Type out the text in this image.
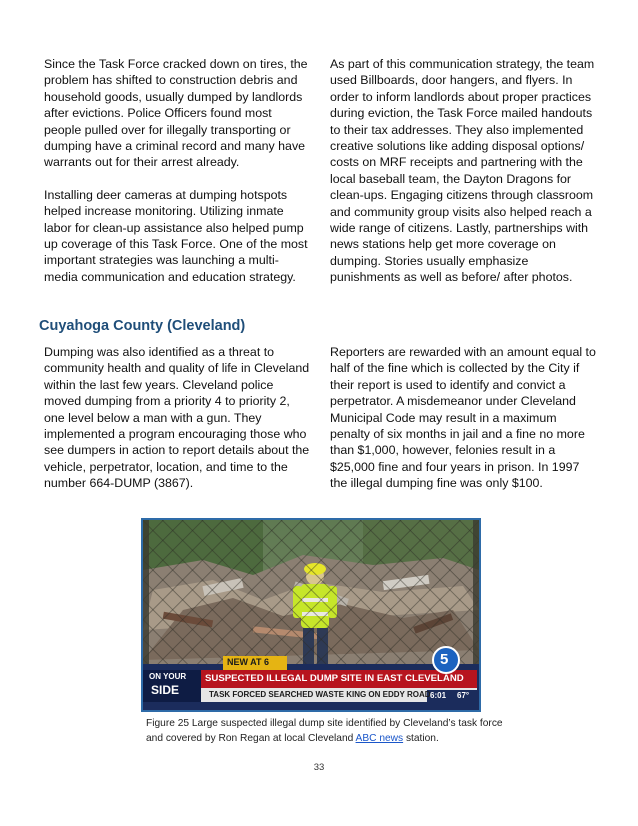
Since the Task Force cracked down on tires, the problem has shifted to construction debris and household goods, usually dumped by landlords after evictions. Police Officers found most people pulled over for illegally transporting or dumping have a criminal record and many have warrants out for their arrest already.

Installing deer cameras at dumping hotspots helped increase monitoring. Utilizing inmate labor for clean-up assistance also helped pump up coverage of this Task Force. One of the most important strategies was launching a multi-media communication and education strategy.

As part of this communication strategy, the team used Billboards, door hangers, and flyers. In order to inform landlords about proper practices during eviction, the Task Force mailed handouts to their tax addresses. They also implemented creative solutions like adding disposal options/ costs on MRF receipts and partnering with the local baseball team, the Dayton Dragons for clean-ups. Engaging citizens through classroom and community group visits also helped reach a wide range of citizens. Lastly, partnerships with news stations help get more coverage on dumping. Stories usually emphasize punishments as well as before/ after photos.

Cuyahoga County (Cleveland)

Dumping was also identified as a threat to community health and quality of life in Cleveland within the last few years. Cleveland police moved dumping from a priority 4 to priority 2, one level below a man with a gun. They implemented a program encouraging those who see dumpers in action to report details about the vehicle, perpetrator, location, and time to the number 664-DUMP (3867).

Reporters are rewarded with an amount equal to half of the fine which is collected by the City if their report is used to identify and convict a perpetrator. A misdemeanor under Cleveland Municipal Code may result in a maximum penalty of six months in jail and a fine no more than $1,000, however, felonies result in a $25,000 fine and four years in prison. In 1997 the illegal dumping fine was only $100.

NEW AT 6
ON YOUR
SIDE
SUSPECTED ILLEGAL DUMP SITE IN EAST CLEVELAND
TASK FORCED SEARCHED WASTE KING ON EDDY ROAD
5
6:01 67°
Figure 25 Large suspected illegal dump site identified by Cleveland’s task force and covered by Ron Regan at local Cleveland ABC news station.
33
